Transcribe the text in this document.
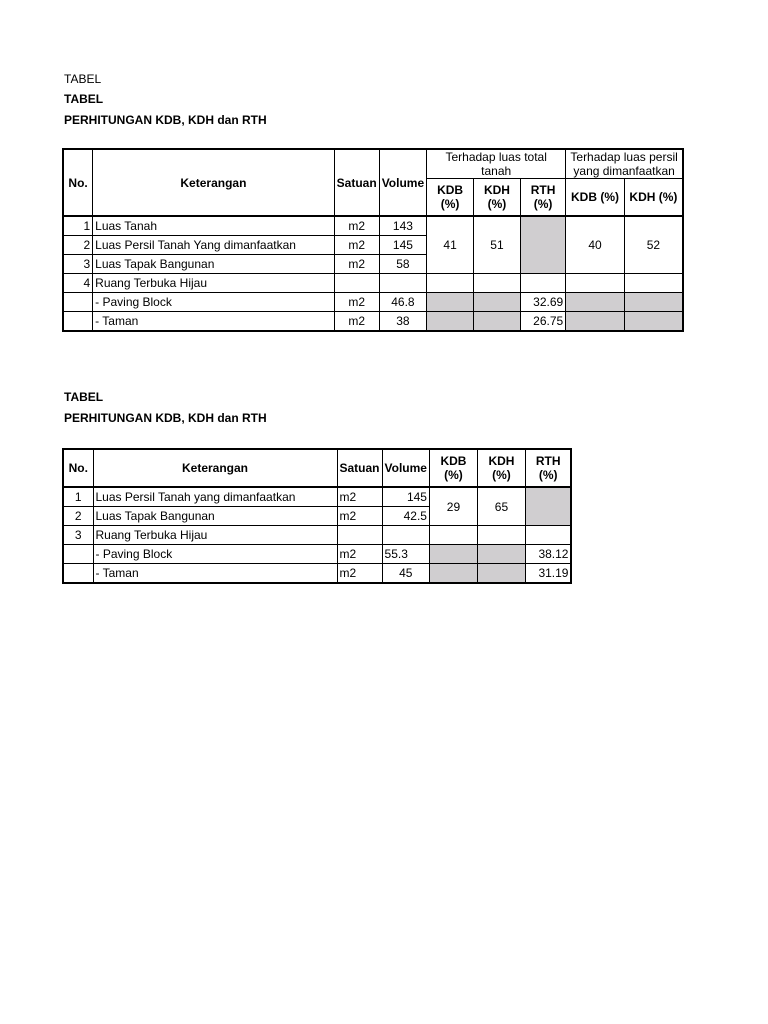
TABEL
TABEL
PERHITUNGAN KDB, KDH dan RTH
No.	Keterangan	Satuan	Volume	Terhadap luas total tanah			Terhadap luas persil yang dimanfaatkan	
				KDB (%)	KDH (%)	RTH (%)	KDB (%)	KDH (%)
1	Luas Tanah	m2	143	41	51		40	52
2	Luas Persil Tanah Yang dimanfaatkan	m2	145					
3	Luas Tapak Bangunan	m2	58					
4	Ruang Terbuka Hijau							
	- Paving Block	m2	46.8			32.69		
	- Taman	m2	38			26.75		
TABEL
PERHITUNGAN KDB, KDH dan RTH
No.	Keterangan	Satuan	Volume	KDB (%)	KDH (%)	RTH (%)
1	Luas Persil Tanah yang dimanfaatkan	m2	145	29	65	
2	Luas Tapak Bangunan	m2	42.5			
3	Ruang Terbuka Hijau					
	- Paving Block	m2	55.3			38.12
	- Taman	m2	45			31.19
